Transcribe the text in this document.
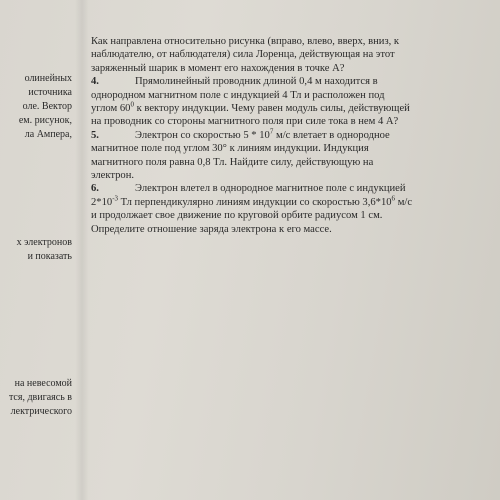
олинейных
источника
оле. Вектор
ем. рисунок,
ла Ампера,
х электронов
и показать
на невесомой
тся, двигаясь в
лектрического

Как направлена относительно рисунка (вправо, влево, вверх, вниз, к

наблюдателю, от наблюдателя) сила Лоренца, действующая на этот

заряженный шарик в момент его нахождения в точке А?

4.	Прямолинейный проводник длиной 0,4 м находится в

однородном магнитном поле с индукцией 4 Тл и расположен под

углом $60^0$ к вектору индукции. Чему равен модуль силы, действующей

на проводник со стороны магнитного поля при силе тока в нем 4 А?

5.	Электрон со скоростью $5 * 10^7$ м/с влетает в однородное

магнитное поле под углом 30° к линиям индукции. Индукция

магнитного поля равна 0,8 Тл. Найдите силу, действующую на

электрон.

6.	Электрон влетел в однородное магнитное поле с индукцией

$2*10^{-3}$ Тл перпендикулярно линиям индукции со скоростью $3,6*10^6$ м/с

и продолжает свое движение по круговой орбите радиусом 1 см.

Определите отношение заряда электрона к его массе.
